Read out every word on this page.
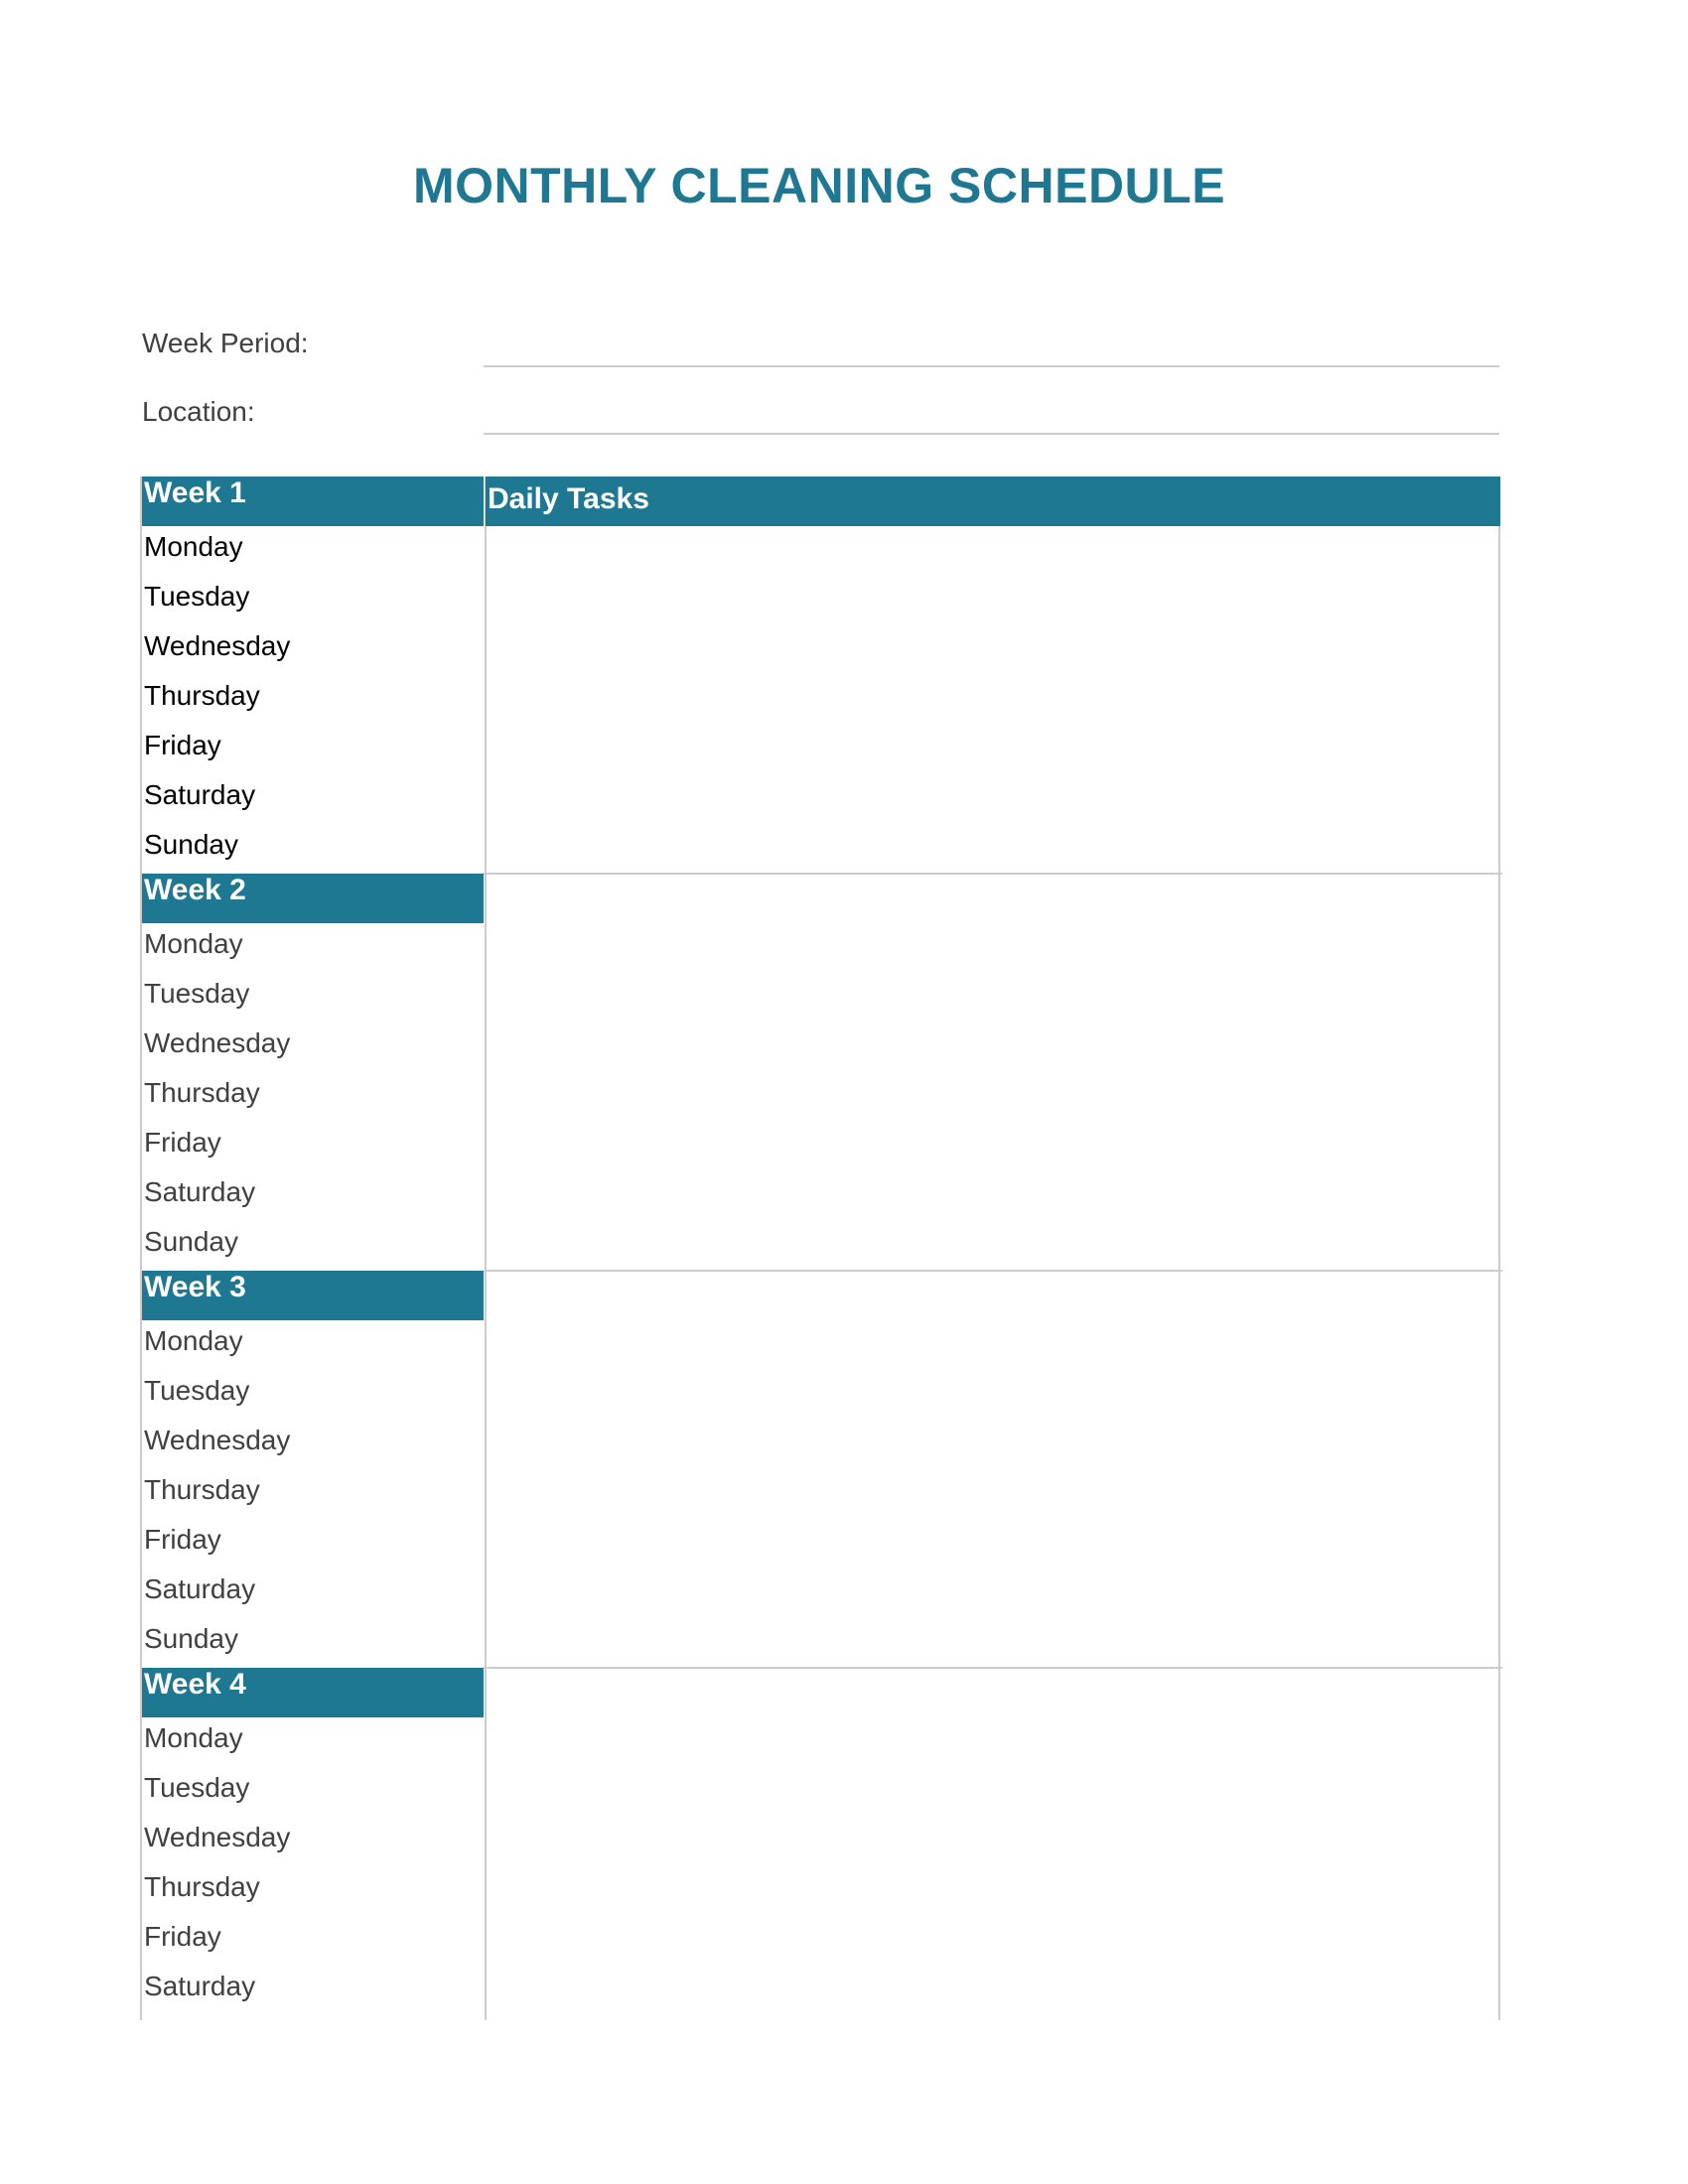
MONTHLY CLEANING SCHEDULE
Week Period:
Location:
Week 1	Daily Tasks
Monday
Tuesday
Wednesday
Thursday
Friday
Saturday
Sunday
Week 2
Monday
Tuesday
Wednesday
Thursday
Friday
Saturday
Sunday
Week 3
Monday
Tuesday
Wednesday
Thursday
Friday
Saturday
Sunday
Week 4
Monday
Tuesday
Wednesday
Thursday
Friday
Saturday
